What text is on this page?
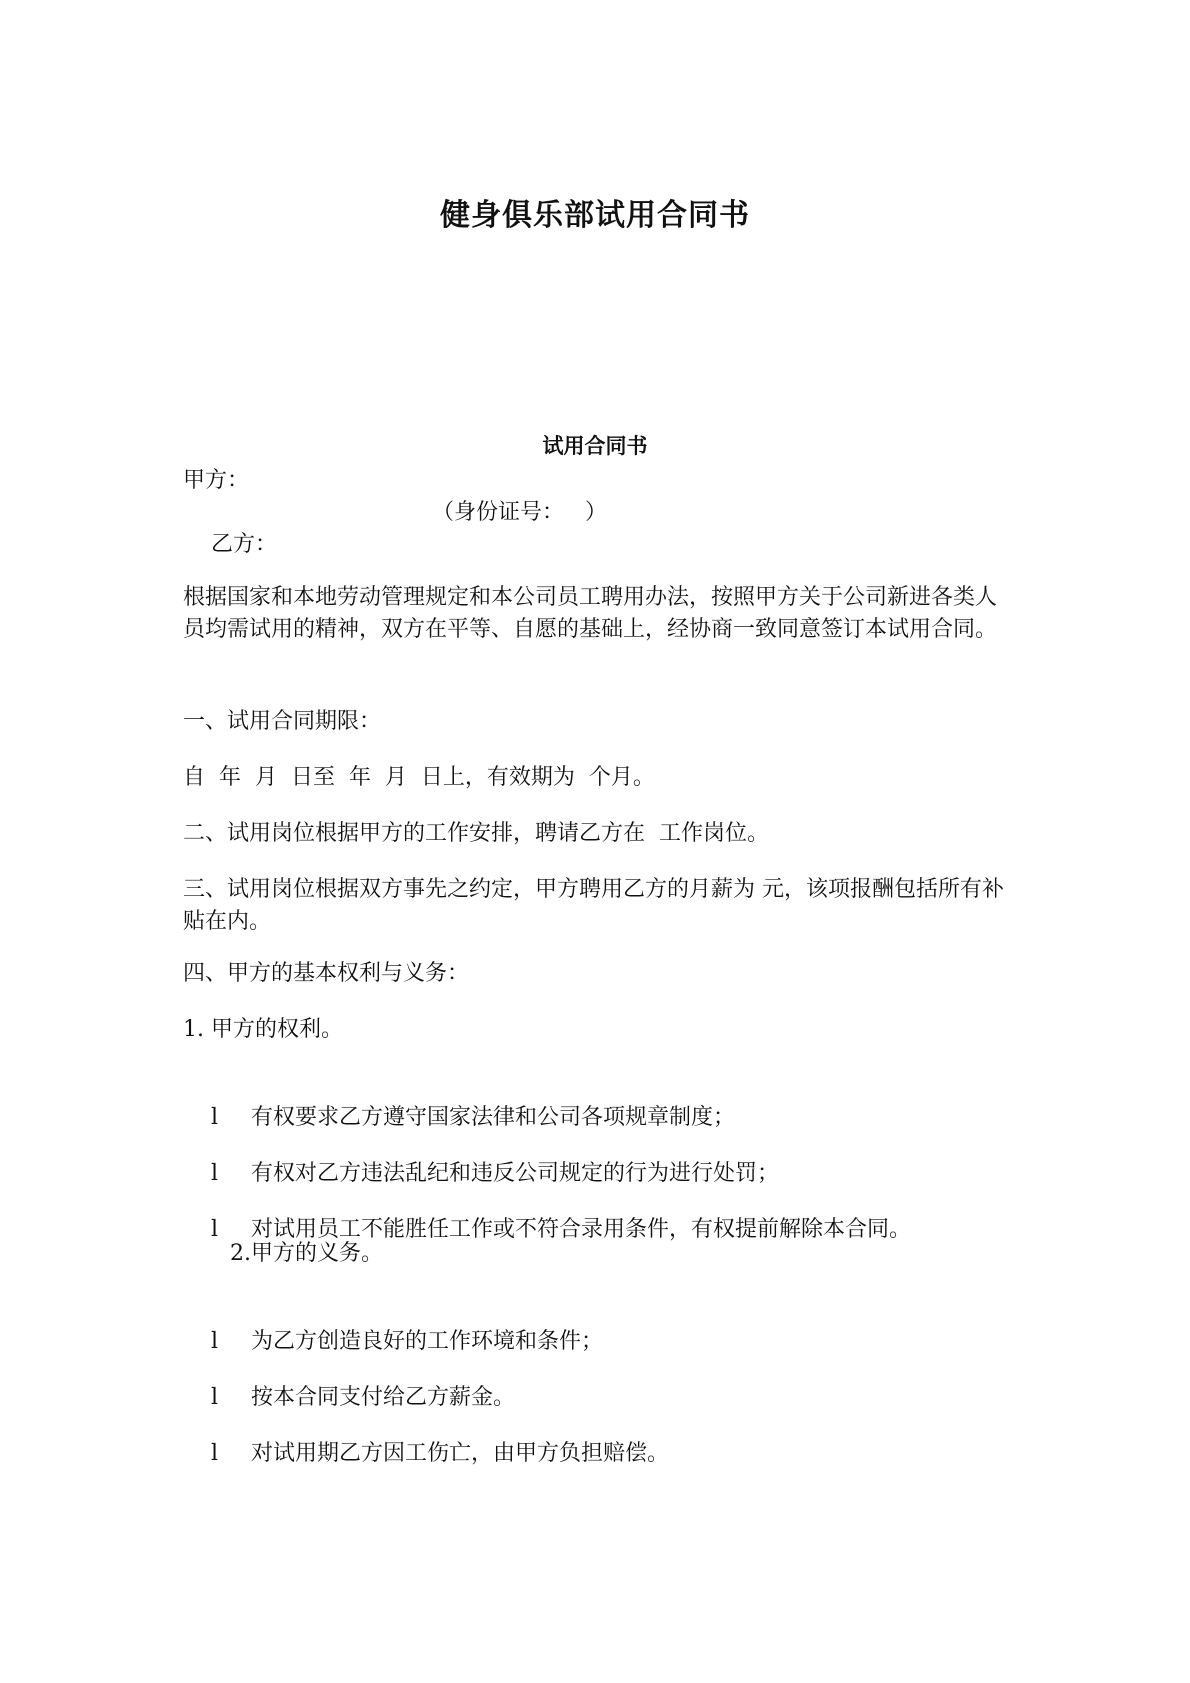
健身俱乐部试用合同书
试用合同书

甲方：

乙方：

（身份证号：   ）

根据国家和本地劳动管理规定和本公司员工聘用办法，按照甲方关于公司新进各类人员均需试用的精神，双方在平等、自愿的基础上，经协商一致同意签订本试用合同。

一、试用合同期限：

自  年  月  日至  年  月  日上，有效期为  个月。

二、试用岗位根据甲方的工作安排，聘请乙方在  工作岗位。

三、试用岗位根据双方事先之约定，甲方聘用乙方的月薪为 元，该项报酬包括所有补贴在内。

四、甲方的基本权利与义务：

1. 甲方的权利。

l 有权要求乙方遵守国家法律和公司各项规章制度；

l 有权对乙方违法乱纪和违反公司规定的行为进行处罚；

l 对试用员工不能胜任工作或不符合录用条件，有权提前解除本合同。

2.甲方的义务。

l 为乙方创造良好的工作环境和条件；

l 按本合同支付给乙方薪金。

l 对试用期乙方因工伤亡，由甲方负担赔偿。
